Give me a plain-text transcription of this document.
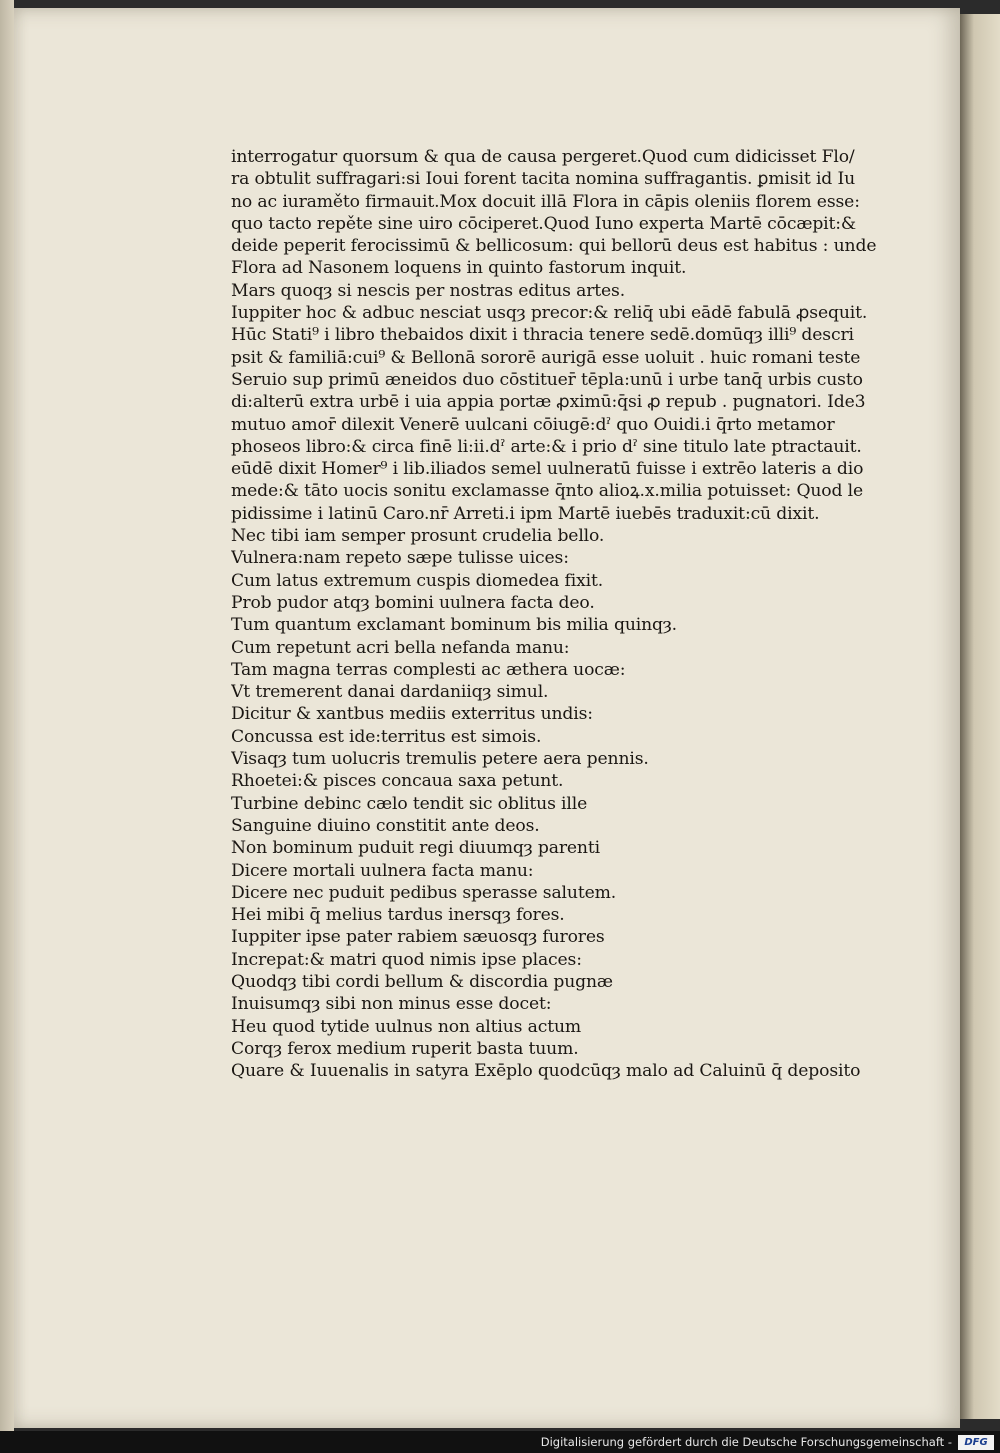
interrogatur quorsum & qua de causa pergeret.Quod cum didicisset Flo/
ra obtulit suffragari:si Ioui forent tacita nomina suffragantis. ꝑmisit id Iu
no ac iuraměto firmauit.Mox docuit illā Flora in cāpis oleniis florem esse:
quo tacto repěte sine uiro cōciperet.Quod Iuno experta Martē cōcæpit:&
deide peperit ferocissimū & bellicosum: qui bellorū deus est habitus : unde
Flora ad Nasonem loquens in quinto fastorum inquit.
Mars quoqȝ si nescis per nostras editus artes.
Iuppiter hoc & adbuc nesciat usqȝ precor:& reliq̄ ubi eādē fabulā ꝓsequit.
Hūc Stati⁹ i libro thebaidos dixit i thracia tenere sedē.domūqȝ illi⁹ descri
psit & familiā:cui⁹ & Bellonā sororē aurigā esse uoluit . huic romani teste
Seruio sup primū æneidos duo cōstituer̄ tēpla:unū i urbe tanq̄ urbis custo
di:alterū extra urbē i uia appia portæ ꝓximū:q̄si ꝓ repub . pugnatori. Ide3
mutuo amor̄ dilexit Venerē uulcani cōiugē:dˀ quo Ouidi.i q̄rto metamor
phoseos libro:& circa finē li:ii.dˀ arte:& i prio dˀ sine titulo late ptractauit.
eūdē dixit Homer⁹ i lib.iliados semel uulneratū fuisse i extrēo lateris a dio
mede:& tāto uocis sonitu exclamasse q̄nto alioꝝ.x.milia potuisset: Quod le
pidissime i latinū Caro.nr̄ Arreti.i ipm Martē iuebēs traduxit:cū dixit.
Nec tibi iam semper prosunt crudelia bello.
Vulnera:nam repeto sæpe tulisse uices:
Cum latus extremum cuspis diomedea fixit.
Prob pudor atqȝ bomini uulnera facta deo.
Tum quantum exclamant bominum bis milia quinqȝ.
Cum repetunt acri bella nefanda manu:
Tam magna terras complesti ac æthera uocæ:
Vt tremerent danai dardaniiqȝ simul.
Dicitur & xantbus mediis exterritus undis:
Concussa est ide:territus est simois.
Visaqȝ tum uolucris tremulis petere aera pennis.
Rhoetei:& pisces concaua saxa petunt.
Turbine debinc cælo tendit sic oblitus ille
Sanguine diuino constitit ante deos.
Non bominum puduit regi diuumqȝ parenti
Dicere mortali uulnera facta manu:
Dicere nec puduit pedibus sperasse salutem.
Hei mibi q̄ melius tardus inersqȝ fores.
Iuppiter ipse pater rabiem sæuosqȝ furores
Increpat:& matri quod nimis ipse places:
Quodqȝ tibi cordi bellum & discordia pugnæ
Inuisumqȝ sibi non minus esse docet:
Heu quod tytide uulnus non altius actum
Corqȝ ferox medium ruperit basta tuum.
Quare & Iuuenalis in satyra Exēplo quodcūqȝ malo ad Caluinū q̄ deposito
Digitalisierung gefördert durch die Deutsche Forschungsgemeinschaft -	DFG
